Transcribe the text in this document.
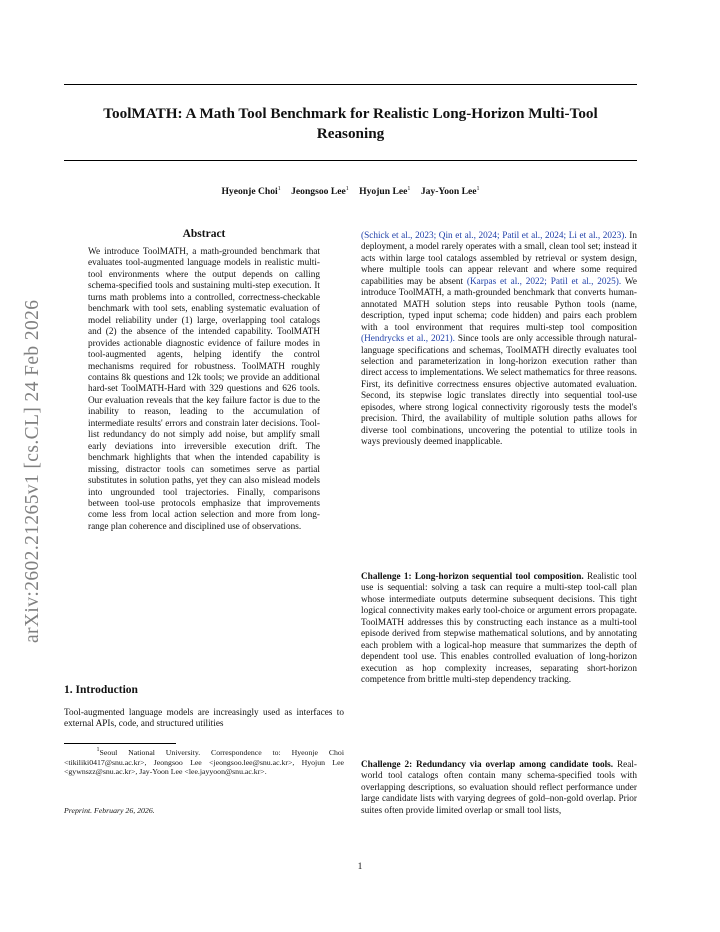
ToolMATH: A Math Tool Benchmark for Realistic Long-Horizon Multi-Tool
Reasoning
Hyeonje Choi$^1$ Jeongsoo Lee$^1$ Hyojun Lee$^1$ Jay-Yoon Lee$^1$
arXiv:2602.21265v1 [cs.CL] 24 Feb 2026
Abstract
We introduce ToolMATH, a math-grounded benchmark that evaluates tool-augmented language models in realistic multi-tool environments where the output depends on calling schema-specified tools and sustaining multi-step execution. It turns math problems into a controlled, correctness-checkable benchmark with tool sets, enabling systematic evaluation of model reliability under (1) large, overlapping tool catalogs and (2) the absence of the intended capability. ToolMATH provides actionable diagnostic evidence of failure modes in tool-augmented agents, helping identify the control mechanisms required for robustness. ToolMATH roughly contains 8k questions and 12k tools; we provide an additional hard-set ToolMATH-Hard with 329 questions and 626 tools. Our evaluation reveals that the key failure factor is due to the inability to reason, leading to the accumulation of intermediate results' errors and constrain later decisions. Tool-list redundancy do not simply add noise, but amplify small early deviations into irreversible execution drift. The benchmark highlights that when the intended capability is missing, distractor tools can sometimes serve as partial substitutes in solution paths, yet they can also mislead models into ungrounded tool trajectories. Finally, comparisons between tool-use protocols emphasize that improvements come less from local action selection and more from long-range plan coherence and disciplined use of observations.
1. Introduction
Tool-augmented language models are increasingly used as interfaces to external APIs, code, and structured utilities
$^1$Seoul National University. Correspondence to: Hyeonje Choi <tikiliki0417@snu.ac.kr>, Jeongsoo Lee <jeongsoo.lee@snu.ac.kr>, Hyojun Lee <gywnszz@snu.ac.kr>, Jay-Yoon Lee <lee.jayyoon@snu.ac.kr>.
Preprint. February 26, 2026.
(Schick et al., 2023; Qin et al., 2024; Patil et al., 2024; Li et al., 2023). In deployment, a model rarely operates with a small, clean tool set; instead it acts within large tool catalogs assembled by retrieval or system design, where multiple tools can appear relevant and where some required capabilities may be absent (Karpas et al., 2022; Patil et al., 2025). We introduce ToolMATH, a math-grounded benchmark that converts human-annotated MATH solution steps into reusable Python tools (name, description, typed input schema; code hidden) and pairs each problem with a tool environment that requires multi-step tool composition (Hendrycks et al., 2021). Since tools are only accessible through natural-language specifications and schemas, ToolMATH directly evaluates tool selection and parameterization in long-horizon execution rather than direct access to implementations. We select mathematics for three reasons. First, its definitive correctness ensures objective automated evaluation. Second, its stepwise logic translates directly into sequential tool-use episodes, where strong logical connectivity rigorously tests the model's precision. Third, the availability of multiple solution paths allows for diverse tool combinations, uncovering the potential to utilize tools in ways previously deemed inapplicable.
Challenge 1: Long-horizon sequential tool composition. Realistic tool use is sequential: solving a task can require a multi-step tool-call plan whose intermediate outputs determine subsequent decisions. This tight logical connectivity makes early tool-choice or argument errors propagate. ToolMATH addresses this by constructing each instance as a multi-tool episode derived from stepwise mathematical solutions, and by annotating each problem with a logical-hop measure that summarizes the depth of dependent tool use. This enables controlled evaluation of long-horizon execution as hop complexity increases, separating short-horizon competence from brittle multi-step dependency tracking.
Challenge 2: Redundancy via overlap among candidate tools. Real-world tool catalogs often contain many schema-specified tools with overlapping descriptions, so evaluation should reflect performance under large candidate lists with varying degrees of gold–non-gold overlap. Prior suites often provide limited overlap or small tool lists,
1
